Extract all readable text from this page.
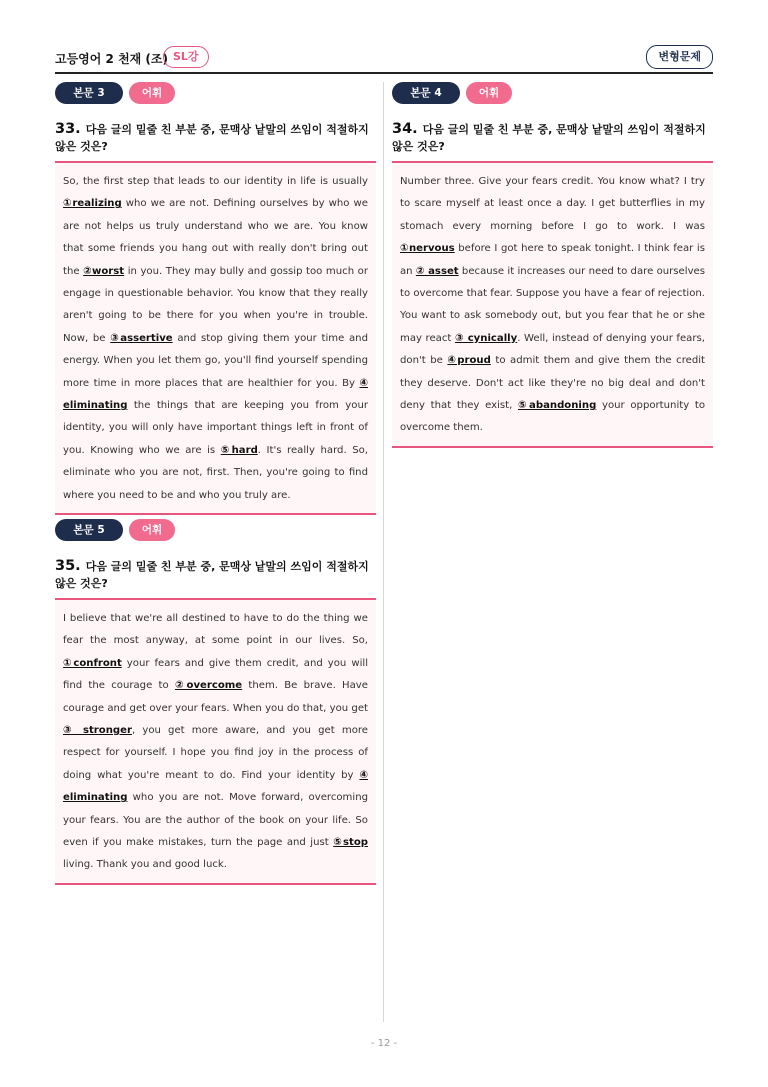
고등영어 2 천재 (조) SL강	변형문제
본문 3	어휘
33. 다음 글의 밑줄 친 부분 중, 문맥상 낱말의 쓰임이 적절하지 않은 것은?
So, the first step that leads to our identity in life is usually ①realizing who we are not. Defining ourselves by who we are not helps us truly understand who we are. You know that some friends you hang out with really don't bring out the ②worst in you. They may bully and gossip too much or engage in questionable behavior. You know that they really aren't going to be there for you when you're in trouble. Now, be ③assertive and stop giving them your time and energy. When you let them go, you'll find yourself spending more time in more places that are healthier for you. By ④ eliminating the things that are keeping you from your identity, you will only have important things left in front of you. Knowing who we are is ⑤hard. It's really hard. So, eliminate who you are not, first. Then, you're going to find where you need to be and who you truly are.
본문 4	어휘
34. 다음 글의 밑줄 친 부분 중, 문맥상 낱말의 쓰임이 적절하지 않은 것은?
Number three. Give your fears credit. You know what? I try to scare myself at least once a day. I get butterflies in my stomach every morning before I go to work. I was ①nervous before I got here to speak tonight. I think fear is an ② asset because it increases our need to dare ourselves to overcome that fear. Suppose you have a fear of rejection. You want to ask somebody out, but you fear that he or she may react ③ cynically. Well, instead of denying your fears, don't be ④proud to admit them and give them the credit they deserve. Don't act like they're no big deal and don't deny that they exist, ⑤abandoning your opportunity to overcome them.
본문 5	어휘
35. 다음 글의 밑줄 친 부분 중, 문맥상 낱말의 쓰임이 적절하지 않은 것은?
I believe that we're all destined to have to do the thing we fear the most anyway, at some point in our lives. So, ①confront your fears and give them credit, and you will find the courage to ②overcome them. Be brave. Have courage and get over your fears. When you do that, you get ③ stronger, you get more aware, and you get more respect for yourself. I hope you find joy in the process of doing what you're meant to do. Find your identity by ④ eliminating who you are not. Move forward, overcoming your fears. You are the author of the book on your life. So even if you make mistakes, turn the page and just ⑤stop living. Thank you and good luck.
- 12 -
